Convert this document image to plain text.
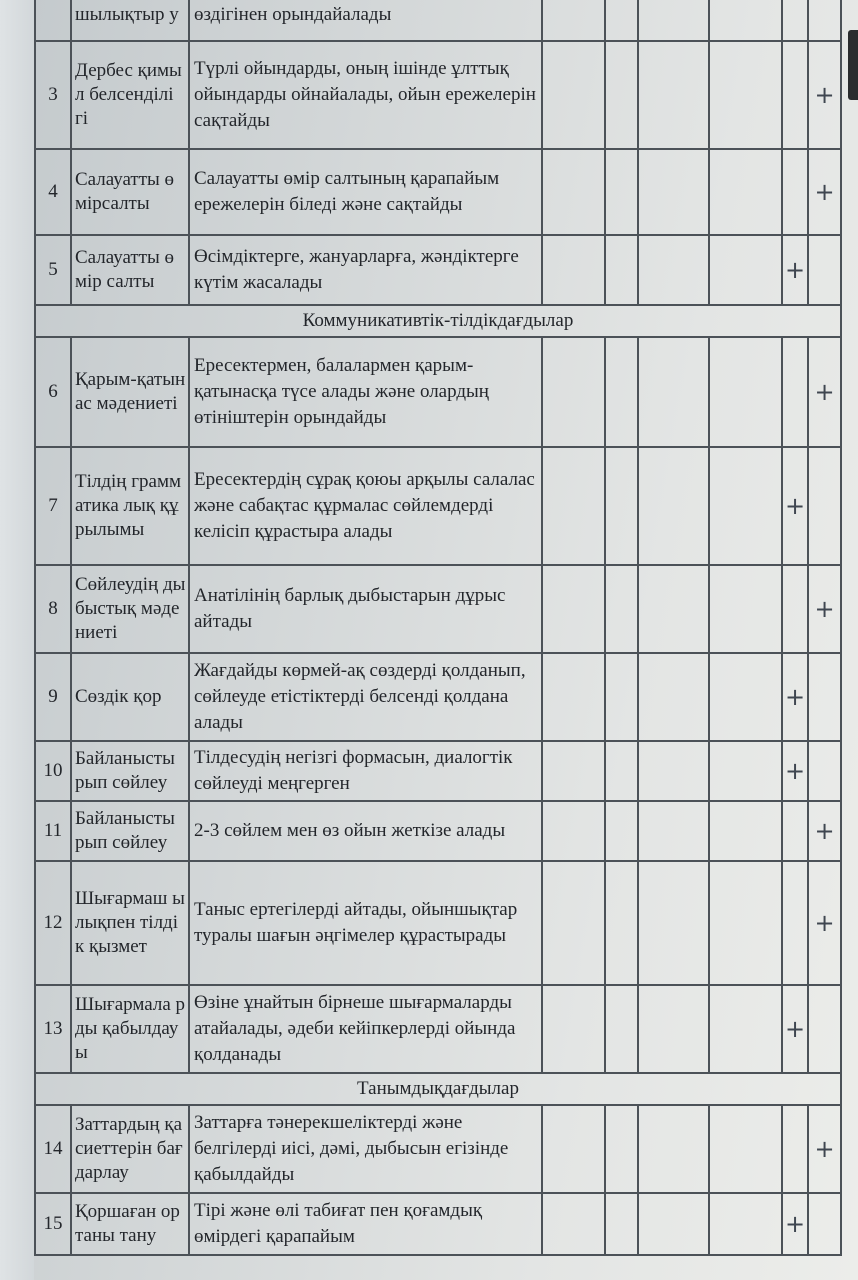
	шылықтыр у	өздігінен орындайалады						
3	Дербес қимыл белсенділі гі	Түрлі ойындарды, оның ішінде ұлттық ойындарды ойнайалады, ойын ережелерін сақтайды						+
4	Салауатты өмірсалты	Салауатты өмір салтының қарапайым ережелерін біледі және сақтайды						+
5	Салауатты өмір салты	Өсімдіктерге, жануарларға, жәндіктерге күтім жасалады					+	
Коммуникативтік-тілдікдағдылар								
6	Қарым-қатынас мәдениеті	Ересектермен, балалармен қарым-қатынасқа түсе алады және олардың өтініштерін орындайды						+
7	Тілдің грамматика лық құрылымы	Ересектердің сұрақ қоюы арқылы салалас және сабақтас құрмалас сөйлемдерді келісіп құрастыра алады					+	
8	Сөйлеудің дыбыстық мәдениеті	Анатілінің барлық дыбыстарын дұрыс айтады						+
9	Сөздік қор	Жағдайды көрмей-ақ сөздерді қолданып, сөйлеуде етістіктерді белсенді қолдана алады					+	
10	Байланысты рып сөйлеу	Тілдесудің негізгі формасын, диалогтік сөйлеуді меңгерген					+	
11	Байланысты рып сөйлеу	2-3 сөйлем мен өз ойын жеткізе алады						+
12	Шығармаш ылықпен тілдік қызмет	Таныс ертегілерді айтады, ойыншықтар туралы шағын әңгімелер құрастырады						+
13	Шығармала рды қабылдауы	Өзіне ұнайтын бірнеше шығармаларды атайалады, әдеби кейіпкерлерді ойында қолданады					+	
Танымдықдағдылар								
14	Заттардың қасиеттерін бағдарлау	Заттарға тәнерекшеліктерді және белгілерді иісі, дәмі, дыбысын егізінде қабылдайды						+
15	Қоршаған ортаны тану	Тірі және өлі табиғат пен қоғамдық өмірдегі қарапайым					+	
